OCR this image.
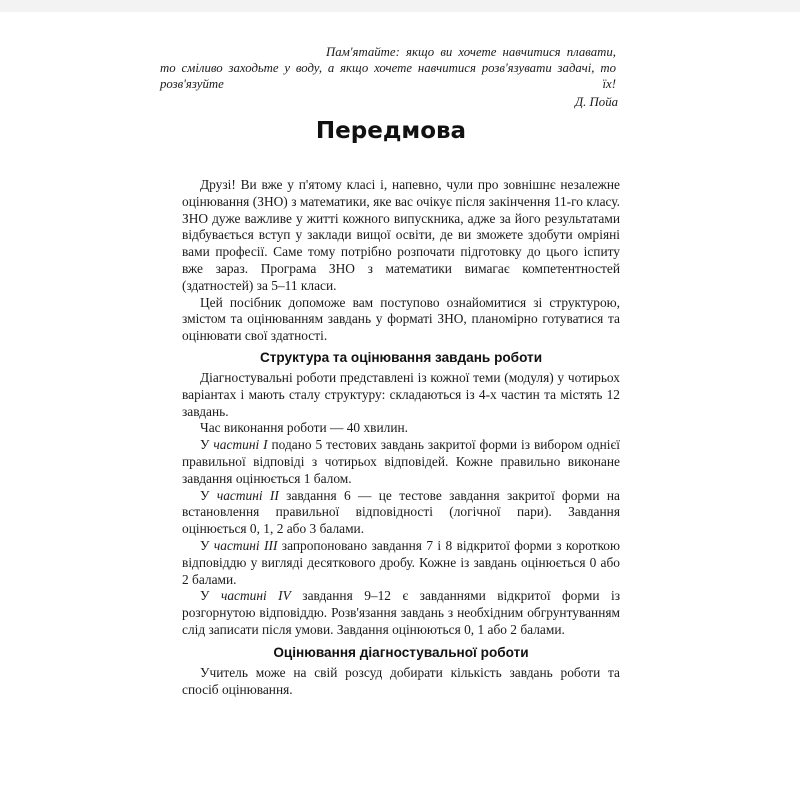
Пам'ятайте: якщо ви хочете навчитися плавати, то сміливо заходьте у воду, а якщо хочете навчитися розв'язувати задачі, то розв'язуйте їх!
Д. Пойа
Передмова

Друзі! Ви вже у п'ятому класі і, напевно, чули про зовнішнє незалежне оцінювання (ЗНО) з математики, яке вас очікує після закінчення 11-го класу. ЗНО дуже важливе у житті кожного випускника, адже за його результатами відбувається вступ у заклади вищої освіти, де ви зможете здобути омріяні вами професії. Саме тому потрібно розпочати підготовку до цього іспиту вже зараз. Програма ЗНО з математики вимагає компетентностей (здатностей) за 5–11 класи.

Цей посібник допоможе вам поступово ознайомитися зі структурою, змістом та оцінюванням завдань у форматі ЗНО, планомірно готуватися та оцінювати свої здатності.

Структура та оцінювання завдань роботи

Діагностувальні роботи представлені із кожної теми (модуля) у чотирьох варіантах і мають сталу структуру: складаються із 4-х частин та містять 12 завдань.

Час виконання роботи — 40 хвилин.

У частині I подано 5 тестових завдань закритої форми із вибором однієї правильної відповіді з чотирьох відповідей. Кожне правильно виконане завдання оцінюється 1 балом.

У частині II завдання 6 — це тестове завдання закритої форми на встановлення правильної відповідності (логічної пари). Завдання оцінюється 0, 1, 2 або 3 балами.

У частині III запропоновано завдання 7 і 8 відкритої форми з короткою відповіддю у вигляді десяткового дробу. Кожне із завдань оцінюється 0 або 2 балами.

У частині IV завдання 9–12 є завданнями відкритої форми із розгорнутою відповіддю. Розв'язання завдань з необхідним обгрунтуванням слід записати після умови. Завдання оцінюються 0, 1 або 2 балами.

Оцінювання діагностувальної роботи

Учитель може на свій розсуд добирати кількість завдань роботи та спосіб оцінювання.
